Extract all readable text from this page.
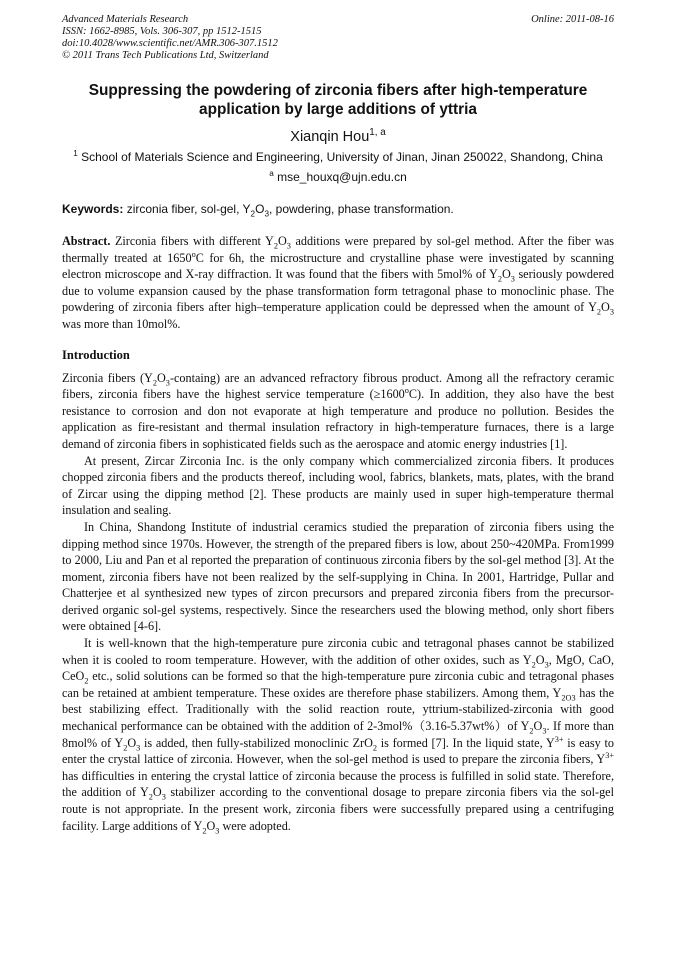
Advanced Materials Research
ISSN: 1662-8985, Vols. 306-307, pp 1512-1515
doi:10.4028/www.scientific.net/AMR.306-307.1512
© 2011 Trans Tech Publications Ltd, Switzerland
Online: 2011-08-16
Suppressing the powdering of zirconia fibers after high-temperature application by large additions of yttria
Xianqin Hou$^{1, a}$
$^1$ School of Materials Science and Engineering, University of Jinan, Jinan 250022, Shandong, China
$^a$ mse_houxq@ujn.edu.cn
Keywords: zirconia fiber, sol-gel, $Y_2O_3$, powdering, phase transformation.
Abstract. Zirconia fibers with different $Y_2O_3$ additions were prepared by sol-gel method. After the fiber was thermally treated at 1650$^o$C for 6h, the microstructure and crystalline phase were investigated by scanning electron microscope and X-ray diffraction. It was found that the fibers with 5mol% of $Y_2O_3$ seriously powdered due to volume expansion caused by the phase transformation form tetragonal phase to monoclinic phase. The powdering of zirconia fibers after high–temperature application could be depressed when the amount of $Y_2O_3$ was more than 10mol%.
Introduction

Zirconia fibers $(Y_2O_3-containg)$ are an advanced refractory fibrous product. Among all the refractory ceramic fibers, zirconia fibers have the highest service temperature $(\ge 1600^oC)$. In addition, they also have the best resistance to corrosion and don not evaporate at high temperature and produce no pollution. Besides the application as fire-resistant and thermal insulation refractory in high-temperature furnaces, there is a large demand of zirconia fibers in sophisticated fields such as the aerospace and atomic energy industries [1].

At present, Zircar Zirconia Inc. is the only company which commercialized zirconia fibers. It produces chopped zirconia fibers and the products thereof, including wool, fabrics, blankets, mats, plates, with the brand of Zircar using the dipping method [2]. These products are mainly used in super high-temperature thermal insulation and sealing.

In China, Shandong Institute of industrial ceramics studied the preparation of zirconia fibers using the dipping method since 1970s. However, the strength of the prepared fibers is low, about 250~420MPa. From1999 to 2000, Liu and Pan et al reported the preparation of continuous zirconia fibers by the sol-gel method [3]. At the moment, zirconia fibers have not been realized by the self-supplying in China. In 2001, Hartridge, Pullar and Chatterjee et al synthesized new types of zircon precursors and prepared zirconia fibers from the precursor-derived organic sol-gel systems, respectively. Since the researchers used the blowing method, only short fibers were obtained [4-6].

It is well-known that the high-temperature pure zirconia cubic and tetragonal phases cannot be stabilized when it is cooled to room temperature. However, with the addition of other oxides, such as $Y_2O_3$, MgO, CaO, CeO$_2$ etc., solid solutions can be formed so that the high-temperature pure zirconia cubic and tetragonal phases can be retained at ambient temperature. These oxides are therefore phase stabilizers. Among them, $Y_{2O3}$ has the best stabilizing effect. Traditionally with the solid reaction route, yttrium-stabilized-zirconia with good mechanical performance can be obtained with the addition of 2-3mol%（3.16-5.37wt%）of $Y_2O_3$. If more than 8mol% of $Y_2O_3$ is added, then fully-stabilized monoclinic ZrO$_2$ is formed [7]. In the liquid state, $Y^{3+}$ is easy to enter the crystal lattice of zirconia. However, when the sol-gel method is used to prepare the zirconia fibers, $Y^{3+}$ has difficulties in entering the crystal lattice of zirconia because the process is fulfilled in solid state. Therefore, the addition of $Y_2O_3$ stabilizer according to the conventional dosage to prepare zirconia fibers via the sol-gel route is not appropriate. In the present work, zirconia fibers were successfully prepared using a centrifuging facility. Large additions of $Y_2O_3$ were adopted.
